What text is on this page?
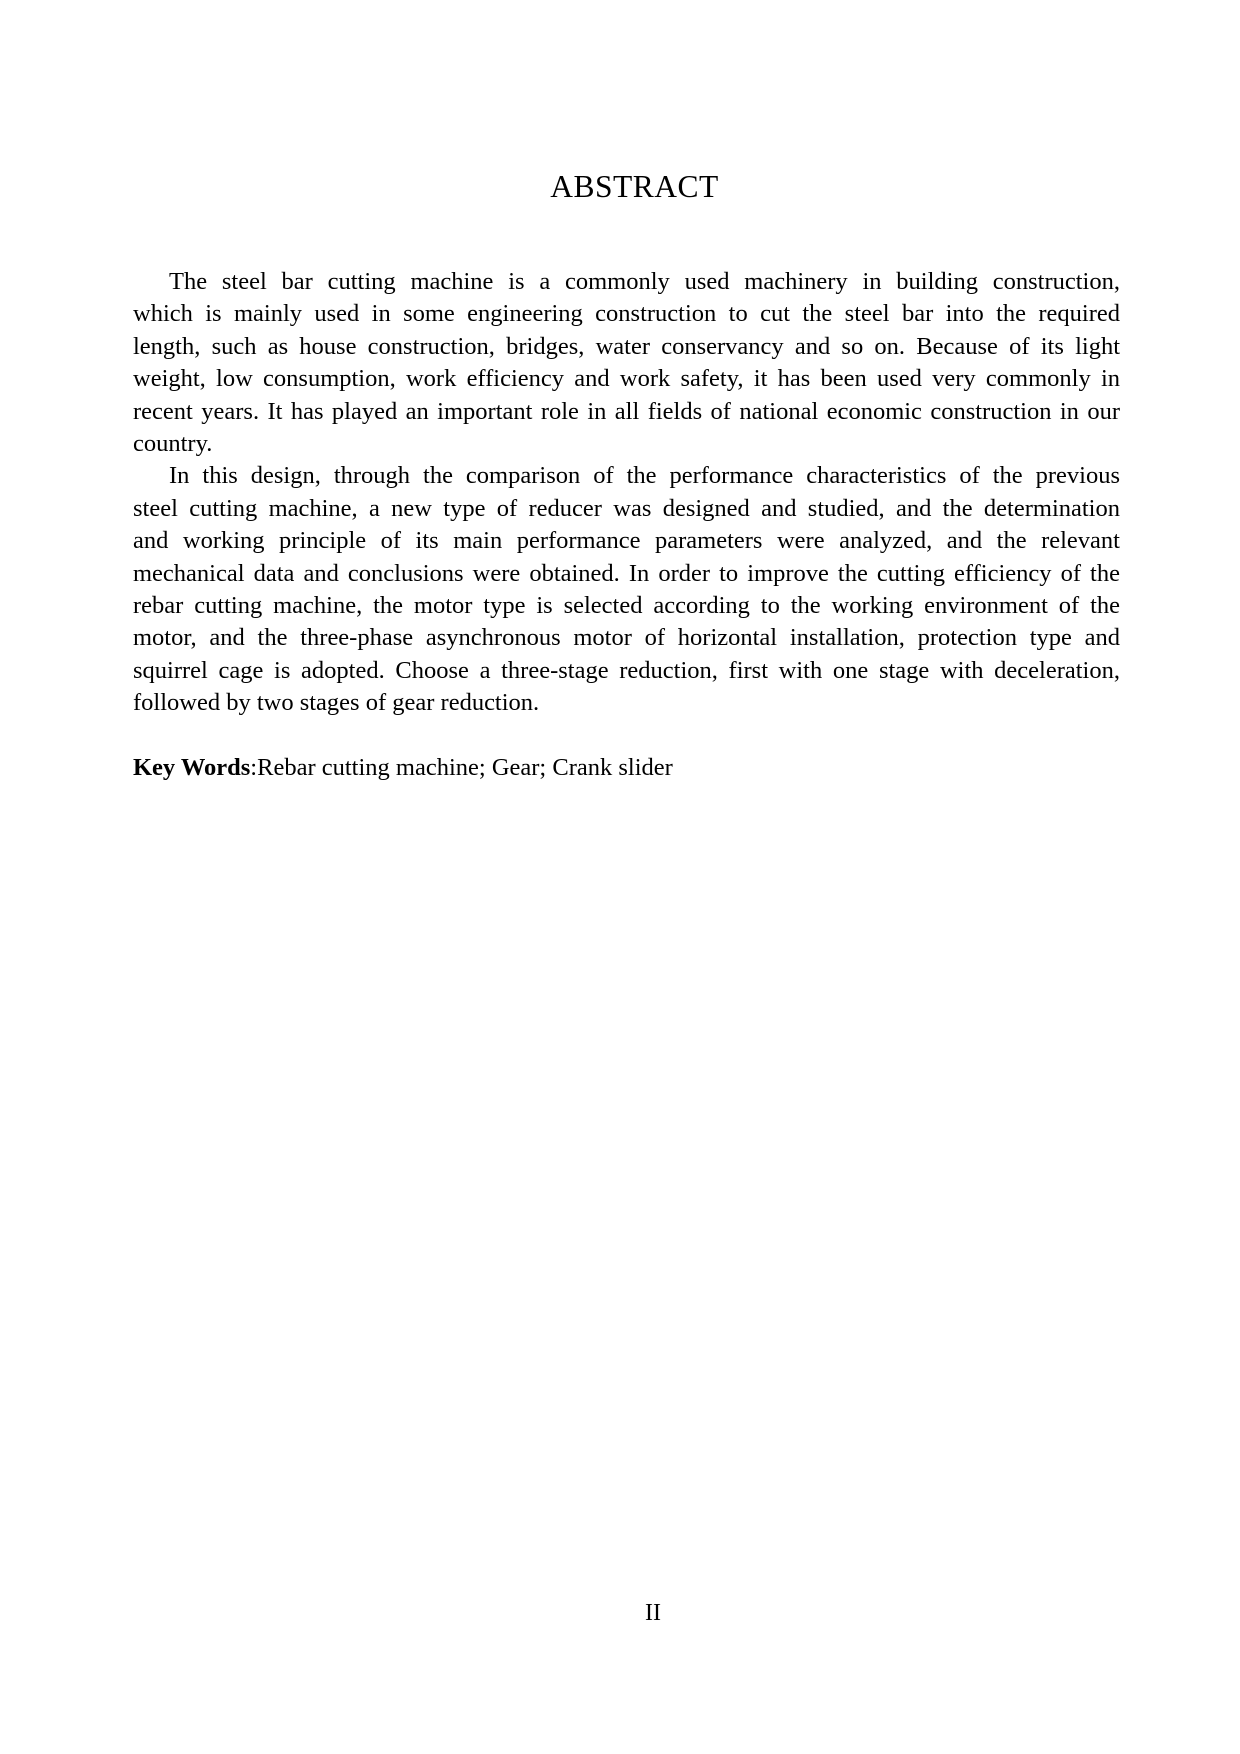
ABSTRACT
The steel bar cutting machine is a commonly used machinery in building construction,
which is mainly used in some engineering construction to cut the steel bar into the required
length, such as house construction, bridges, water conservancy and so on. Because of its light
weight, low consumption, work efficiency and work safety, it has been used very commonly in
recent years. It has played an important role in all fields of national economic construction in our
country.
In this design, through the comparison of the performance characteristics of the previous
steel cutting machine, a new type of reducer was designed and studied, and the determination
and working principle of its main performance parameters were analyzed, and the relevant
mechanical data and conclusions were obtained. In order to improve the cutting efficiency of the
rebar cutting machine, the motor type is selected according to the working environment of the
motor, and the three-phase asynchronous motor of horizontal installation, protection type and
squirrel cage is adopted. Choose a three-stage reduction, first with one stage with deceleration,
followed by two stages of gear reduction.
Key Words:Rebar cutting machine; Gear; Crank slider
II
